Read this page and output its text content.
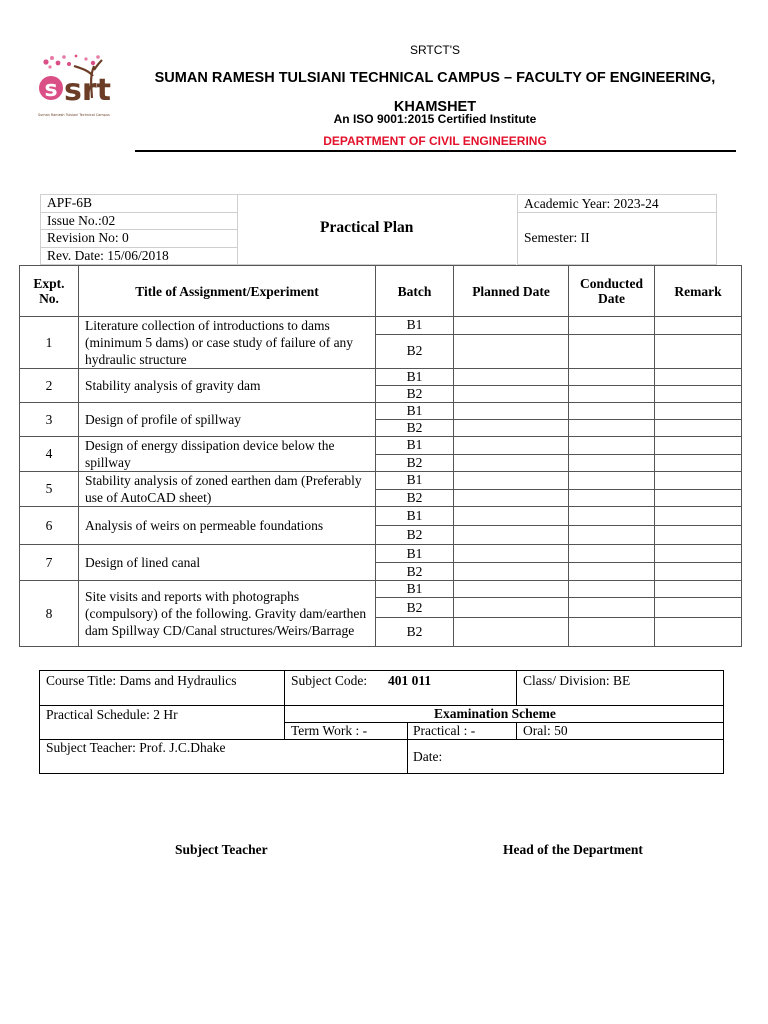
s srt
Suman Ramesh Tulsiani Technical Campus
SRTCT'S
SUMAN RAMESH TULSIANI TECHNICAL CAMPUS – FACULTY OF ENGINEERING, KHAMSHET
An ISO 9001:2015 Certified Institute
DEPARTMENT OF CIVIL ENGINEERING
APF-6B
Issue No.:02
Revision No: 0
Rev. Date: 15/06/2018
Practical Plan
Academic Year: 2023-24
Semester: II
Expt. No.	Title of Assignment/Experiment	Batch	Planned Date	Conducted Date	Remark
1	Literature collection of introductions to dams (minimum 5 dams) or case study of failure of any hydraulic structure	B1			
		B2			
2	Stability analysis of gravity dam	B1			
		B2			
3	Design of profile of spillway	B1			
		B2			
4	Design of energy dissipation device below the spillway	B1			
		B2			
5	Stability analysis of zoned earthen dam (Preferably use of AutoCAD sheet)	B1			
		B2			
6	Analysis of weirs on permeable foundations	B1			
		B2			
7	Design of lined canal	B1			
		B2			
8	Site visits and reports with photographs (compulsory) of the following. Gravity dam/earthen dam Spillway CD/Canal structures/Weirs/Barrage	B1			
		B2			
		B2			
Course Title: Dams and Hydraulics	Subject Code: 401 011	Class/ Division: BE
Practical Schedule: 2 Hr	Examination Scheme
Term Work : -	Practical : -	Oral: 50
Subject Teacher: Prof. J.C.Dhake
Date:
Subject Teacher	Head of the Department
